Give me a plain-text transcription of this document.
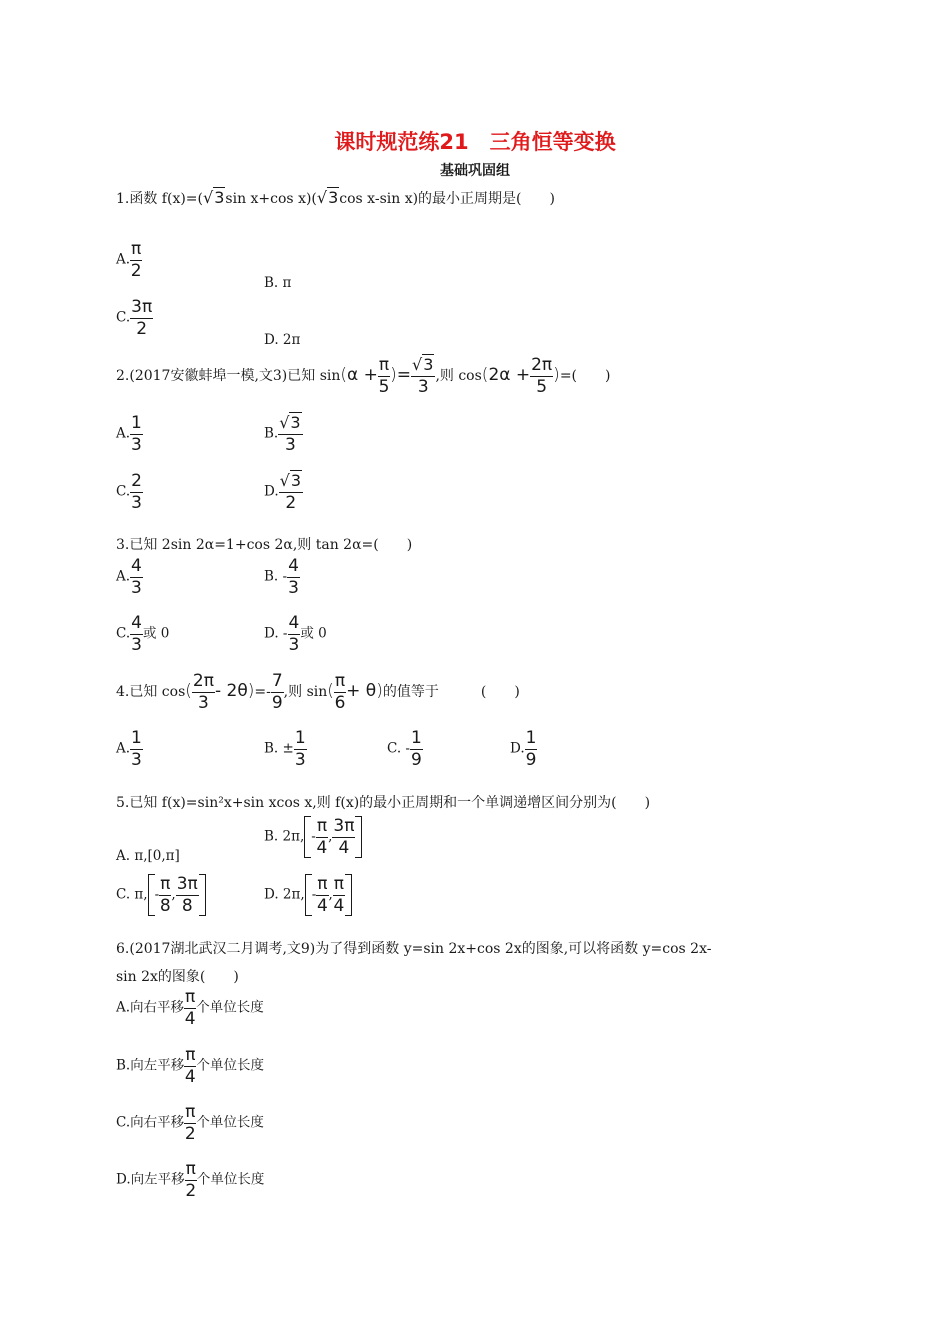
课时规范练21　三角恒等变换
基础巩固组
1.函数 f(x)=(√3sin x+cos x)(√3cos x-sin x)的最小正周期是(　　)
A. $\frac{\pi}{2}$
B. π
C. $\frac{3\pi}{2}$
D. 2π
2.(2017安徽蚌埠一模,文3)已知 $\sin(\alpha + \frac{\pi}{5}$ )= $\frac{√3}{3}$ ,则 $\cos(2\alpha + \frac{2\pi}{5}$ )=(　　)
A. $\frac{1}{3}$	B. $\frac{√3}{3}$
C. $\frac{2}{3}$	D. $\frac{√3}{2}$
3.已知 2sin 2α=1+cos 2α,则 tan 2α=(　　)
A. $\frac{4}{3}$	B. - $\frac{4}{3}$
C. $\frac{4}{3}$ 或 0	D. - $\frac{4}{3}$ 或 0
4.已知 $\cos( \frac{2\pi}{3} - 2\theta)=- \frac{7}{9}$ ,则 $\sin( \frac{\pi}{6} + \theta)$的值等于　　　(　　)
A. $\frac{1}{3}$	B. ± $\frac{1}{3}$	C. - $\frac{1}{9}$	D. $\frac{1}{9}$
5.已知 f(x)=sin²x+sin xcos x,则 f(x)的最小正周期和一个单调递增区间分别为(　　)
A. π,[0,π]
B. 2π, - $\frac{\pi}{4}$ , $\frac{3\pi}{4}$
C. π, - $\frac{\pi}{8}$ , $\frac{3\pi}{8}$	D. 2π, - $\frac{\pi}{4}$ , $\frac{\pi}{4}$
6.(2017湖北武汉二月调考,文9)为了得到函数 y=sin 2x+cos 2x的图象,可以将函数 y=cos 2x-
sin 2x的图象(　　)
A.向右平移 $\frac{\pi}{4}$ 个单位长度
B.向左平移 $\frac{\pi}{4}$ 个单位长度
C.向右平移 $\frac{\pi}{2}$ 个单位长度
D.向左平移 $\frac{\pi}{2}$ 个单位长度
